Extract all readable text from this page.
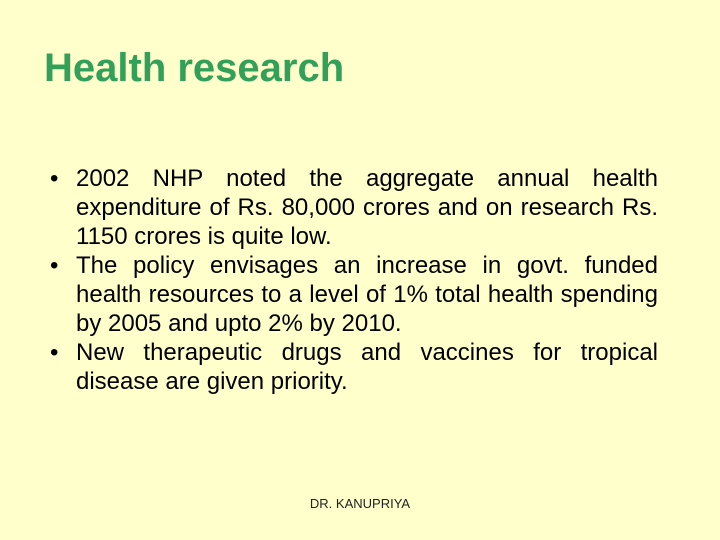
Health research
• 2002 NHP noted the aggregate annual health expenditure of Rs. 80,000 crores and on research Rs. 1150 crores is quite low.
• The policy envisages an increase in govt. funded health resources to a level of 1% total health spending by 2005 and upto 2% by 2010.
• New therapeutic drugs and vaccines for tropical disease are given priority.
DR. KANUPRIYA
